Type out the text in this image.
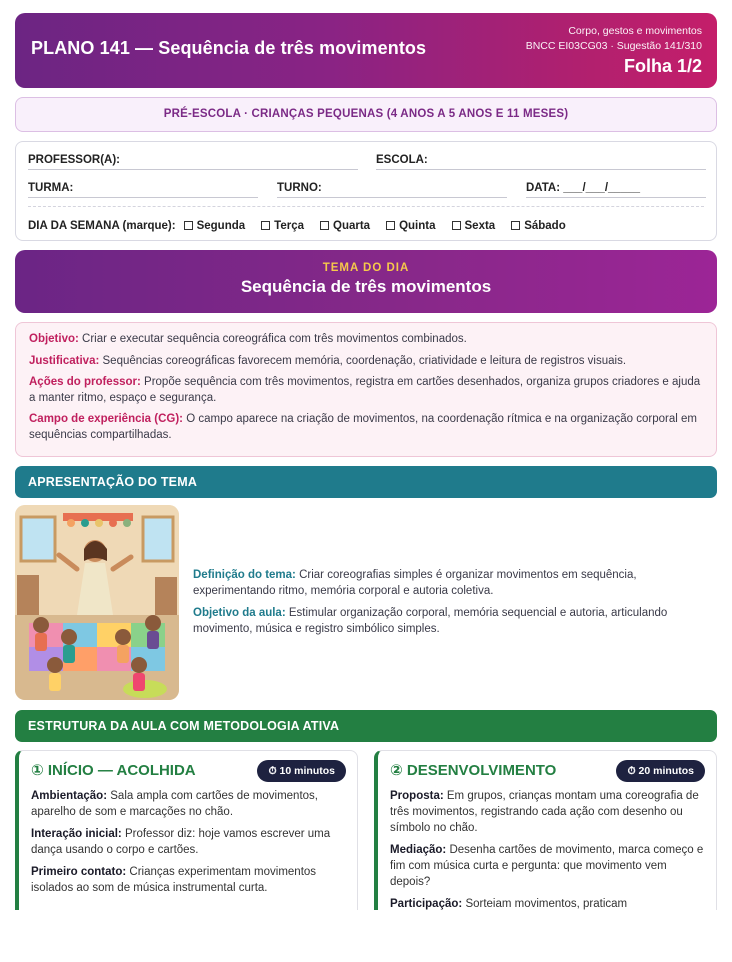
PLANO 141 — Sequência de três movimentos
Corpo, gestos e movimentos
BNCC EI03CG03 · Sugestão 141/310
Folha 1/2
PRÉ-ESCOLA · CRIANÇAS PEQUENAS (4 ANOS A 5 ANOS E 11 MESES)
PROFESSOR(A):	ESCOLA:
TURMA:	TURNO:	DATA: ___/___/_____
DIA DA SEMANA (marque):	Segunda	Terça	Quarta	Quinta	Sexta	Sábado
TEMA DO DIA
Sequência de três movimentos

Objetivo: Criar e executar sequência coreográfica com três movimentos combinados.

Justificativa: Sequências coreográficas favorecem memória, coordenação, criatividade e leitura de registros visuais.

Ações do professor: Propõe sequência com três movimentos, registra em cartões desenhados, organiza grupos criadores e ajuda a manter ritmo, espaço e segurança.

Campo de experiência (CG): O campo aparece na criação de movimentos, na coordenação rítmica e na organização corporal em sequências compartilhadas.

APRESENTAÇÃO DO TEMA

Definição do tema: Criar coreografias simples é organizar movimentos em sequência, experimentando ritmo, memória corporal e autoria coletiva.

Objetivo da aula: Estimular organização corporal, memória sequencial e autoria, articulando movimento, música e registro simbólico simples.

ESTRUTURA DA AULA COM METODOLOGIA ATIVA
① INÍCIO — ACOLHIDA	⏱ 10 minutos

Ambientação: Sala ampla com cartões de movimentos, aparelho de som e marcações no chão.

Interação inicial: Professor diz: hoje vamos escrever uma dança usando o corpo e cartões.

Primeiro contato: Crianças experimentam movimentos isolados ao som de música instrumental curta.

② DESENVOLVIMENTO	⏱ 20 minutos

Proposta: Em grupos, crianças montam uma coreografia de três movimentos, registrando cada ação com desenho ou símbolo no chão.

Mediação: Desenha cartões de movimento, marca começo e fim com música curta e pergunta: que movimento vem depois?

Participação: Sorteiam movimentos, praticam
